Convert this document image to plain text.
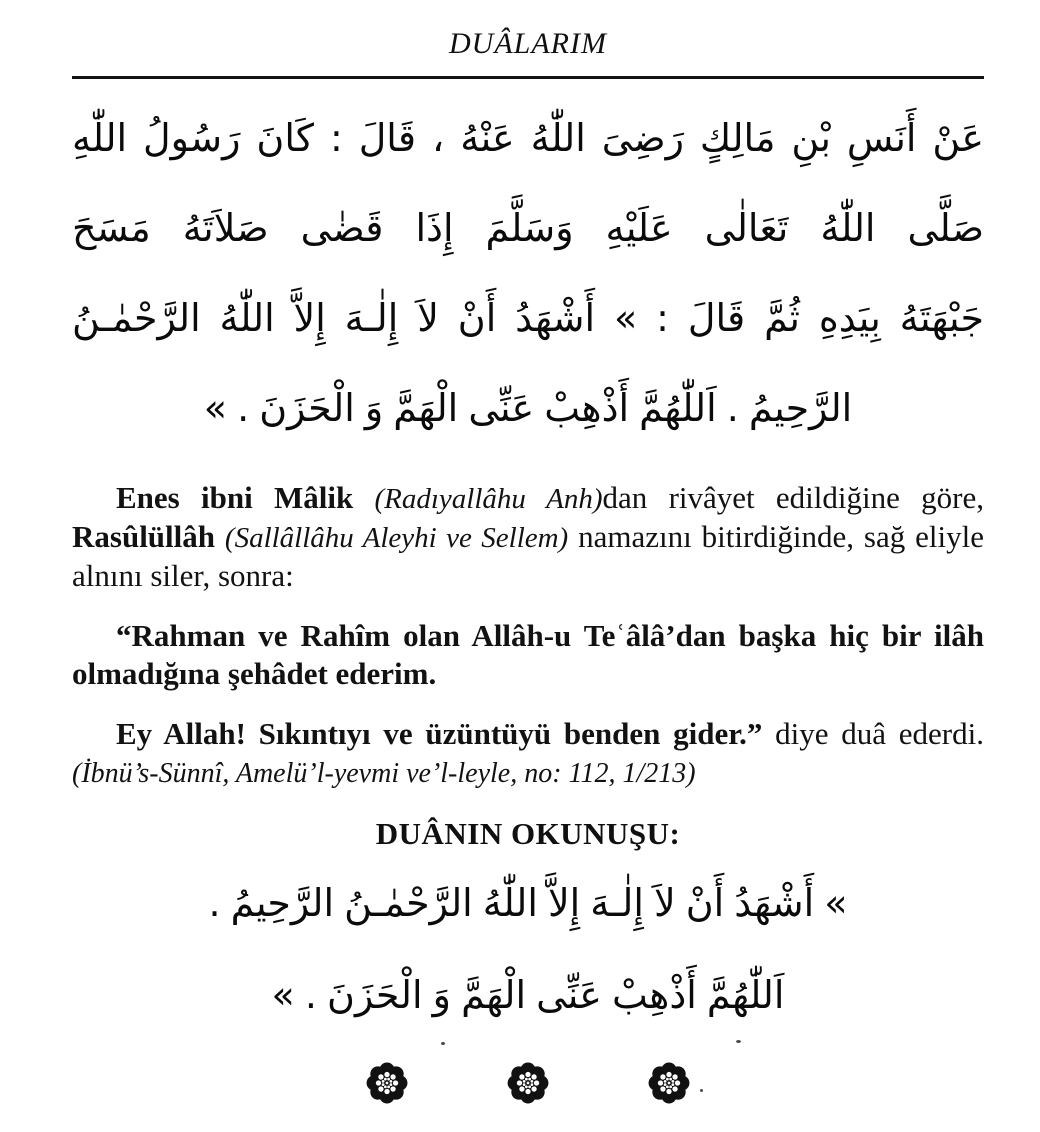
DUÂLARIM
عَنْ أَنَسِ بْنِ مَالِكٍ رَضِىَ اللّٰهُ عَنْهُ ، قَالَ : كَانَ رَسُولُ اللّٰهِ
صَلَّى اللّٰهُ تَعَالٰى عَلَيْهِ وَسَلَّمَ إِذَا قَضٰى صَلاَتَهُ مَسَحَ
جَبْهَتَهُ بِيَدِهِ ثُمَّ قَالَ : » أَشْهَدُ أَنْ لاَ إِلٰـهَ إِلاَّ اللّٰهُ الرَّحْمٰـنُ
الرَّحِيمُ . اَللّٰهُمَّ أَذْهِبْ عَنِّى الْهَمَّ وَ الْحَزَنَ . »

Enes ibni Mâlik (Radıyallâhu Anh)dan rivâyet edildiğine göre, Rasûlüllâh (Sallâllâhu Aleyhi ve Sellem) namazını bitirdiğinde, sağ eliyle alnını siler, sonra:

“Rahman ve Rahîm olan Allâh-u Teʿâlâ’dan başka hiç bir ilâh olmadığına şehâdet ederim.

Ey Allah! Sıkıntıyı ve üzüntüyü benden gider.” diye duâ ederdi. (İbnü’s-Sünnî, Amelü’l-yevmi ve’l-leyle, no: 112, 1/213)

DUÂNIN OKUNUŞU:
» أَشْهَدُ أَنْ لاَ إِلٰـهَ إِلاَّ اللّٰهُ الرَّحْمٰـنُ الرَّحِيمُ .
اَللّٰهُمَّ أَذْهِبْ عَنِّى الْهَمَّ وَ الْحَزَنَ . »
